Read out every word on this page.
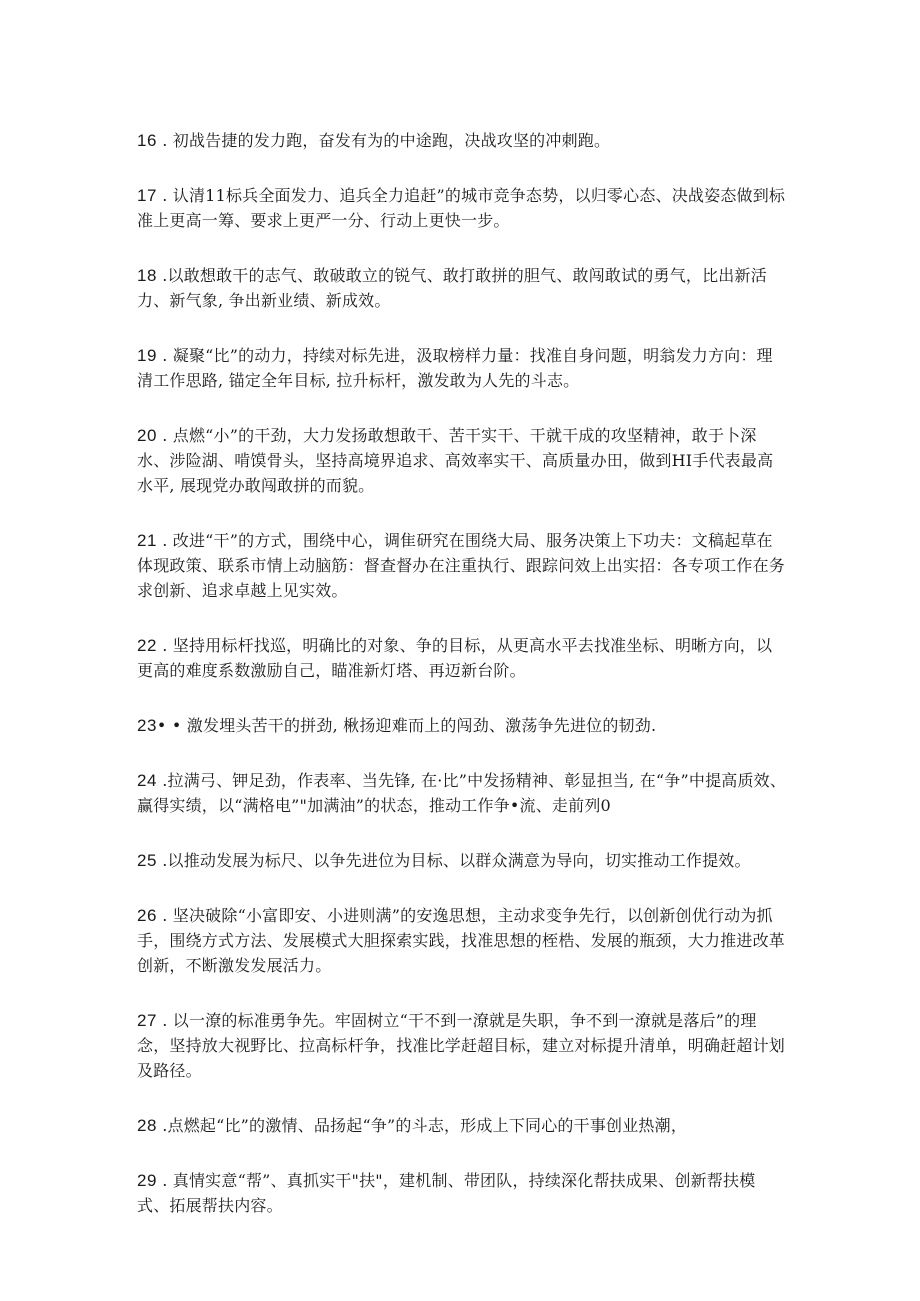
16 . 初战告捷的发力跑，奋发有为的中途跑，决战攻坚的冲刺跑。

17 . 认清11标兵全面发力、追兵全力追赶”的城市竞争态势，以归零心态、决战姿态做到标准上更高一筹、要求上更严一分、行动上更快一步。

18 .以敢想敢干的志气、敢破敢立的锐气、敢打敢拼的胆气、敢闯敢试的勇气，比出新活力、新气象, 争出新业绩、新成效。

19 . 凝聚“比”的动力，持续对标先进，汲取榜样力量：找准自身问题，明翁发力方向：理清工作思路, 锚定全年目标, 拉升标杆，激发敢为人先的斗志。

20 . 点燃“小”的干劲，大力发扬敢想敢干、苦干实干、干就干成的攻坚精神，敢于卜深水、涉险湖、啃馍骨头，坚持高境界追求、高效率实干、高质量办田，做到HI手代表最高水平, 展现党办敢闯敢拼的而貌。

21 . 改进“干”的方式，围绕中心，调隹研究在围绕大局、服务决策上下功夫：文稿起草在体现政策、联系市情上动脑筋：督查督办在注重执行、跟踪问效上出实招：各专项工作在务求创新、追求卓越上见实效。

22 . 坚持用标杆找巡，明确比的对象、争的目标，从更高水平去找准坐标、明晰方向，以更高的难度系数激励自己，瞄准新灯塔、再迈新台阶。

23• • 激发埋头苦干的拼劲, 楸扬迎难而上的闯劲、激荡争先进位的韧劲.

24 .拉满弓、钾足劲，作表率、当先锋, 在·比”中发扬精神、彰显担当, 在“争”中提高质效、赢得实绩，以“满格电”"加满油”的状态，推动工作争•流、走前列0

25 .以推动发展为标尺、以争先进位为目标、以群众满意为导向，切实推动工作提效。

26 . 坚决破除“小富即安、小进则满”的安逸思想，主动求变争先行，以创新创优行动为抓手，围绕方式方法、发展模式大胆探索实践，找准思想的桎梏、发展的瓶颈，大力推进改革创新，不断激发发展活力。

27 . 以一潦的标准勇争先。牢固树立“干不到一潦就是失职，争不到一潦就是落后”的理念，坚持放大视野比、拉高标杆争，找准比学赶超目标，建立对标提升清单，明确赶超计划及路径。

28 .点燃起“比”的激情、品扬起“争”的斗志，形成上下同心的干事创业热潮，

29 . 真情实意“帮”、真抓实干"扶"，建机制、带团队，持续深化帮扶成果、创新帮扶模式、拓展帮扶内容。
